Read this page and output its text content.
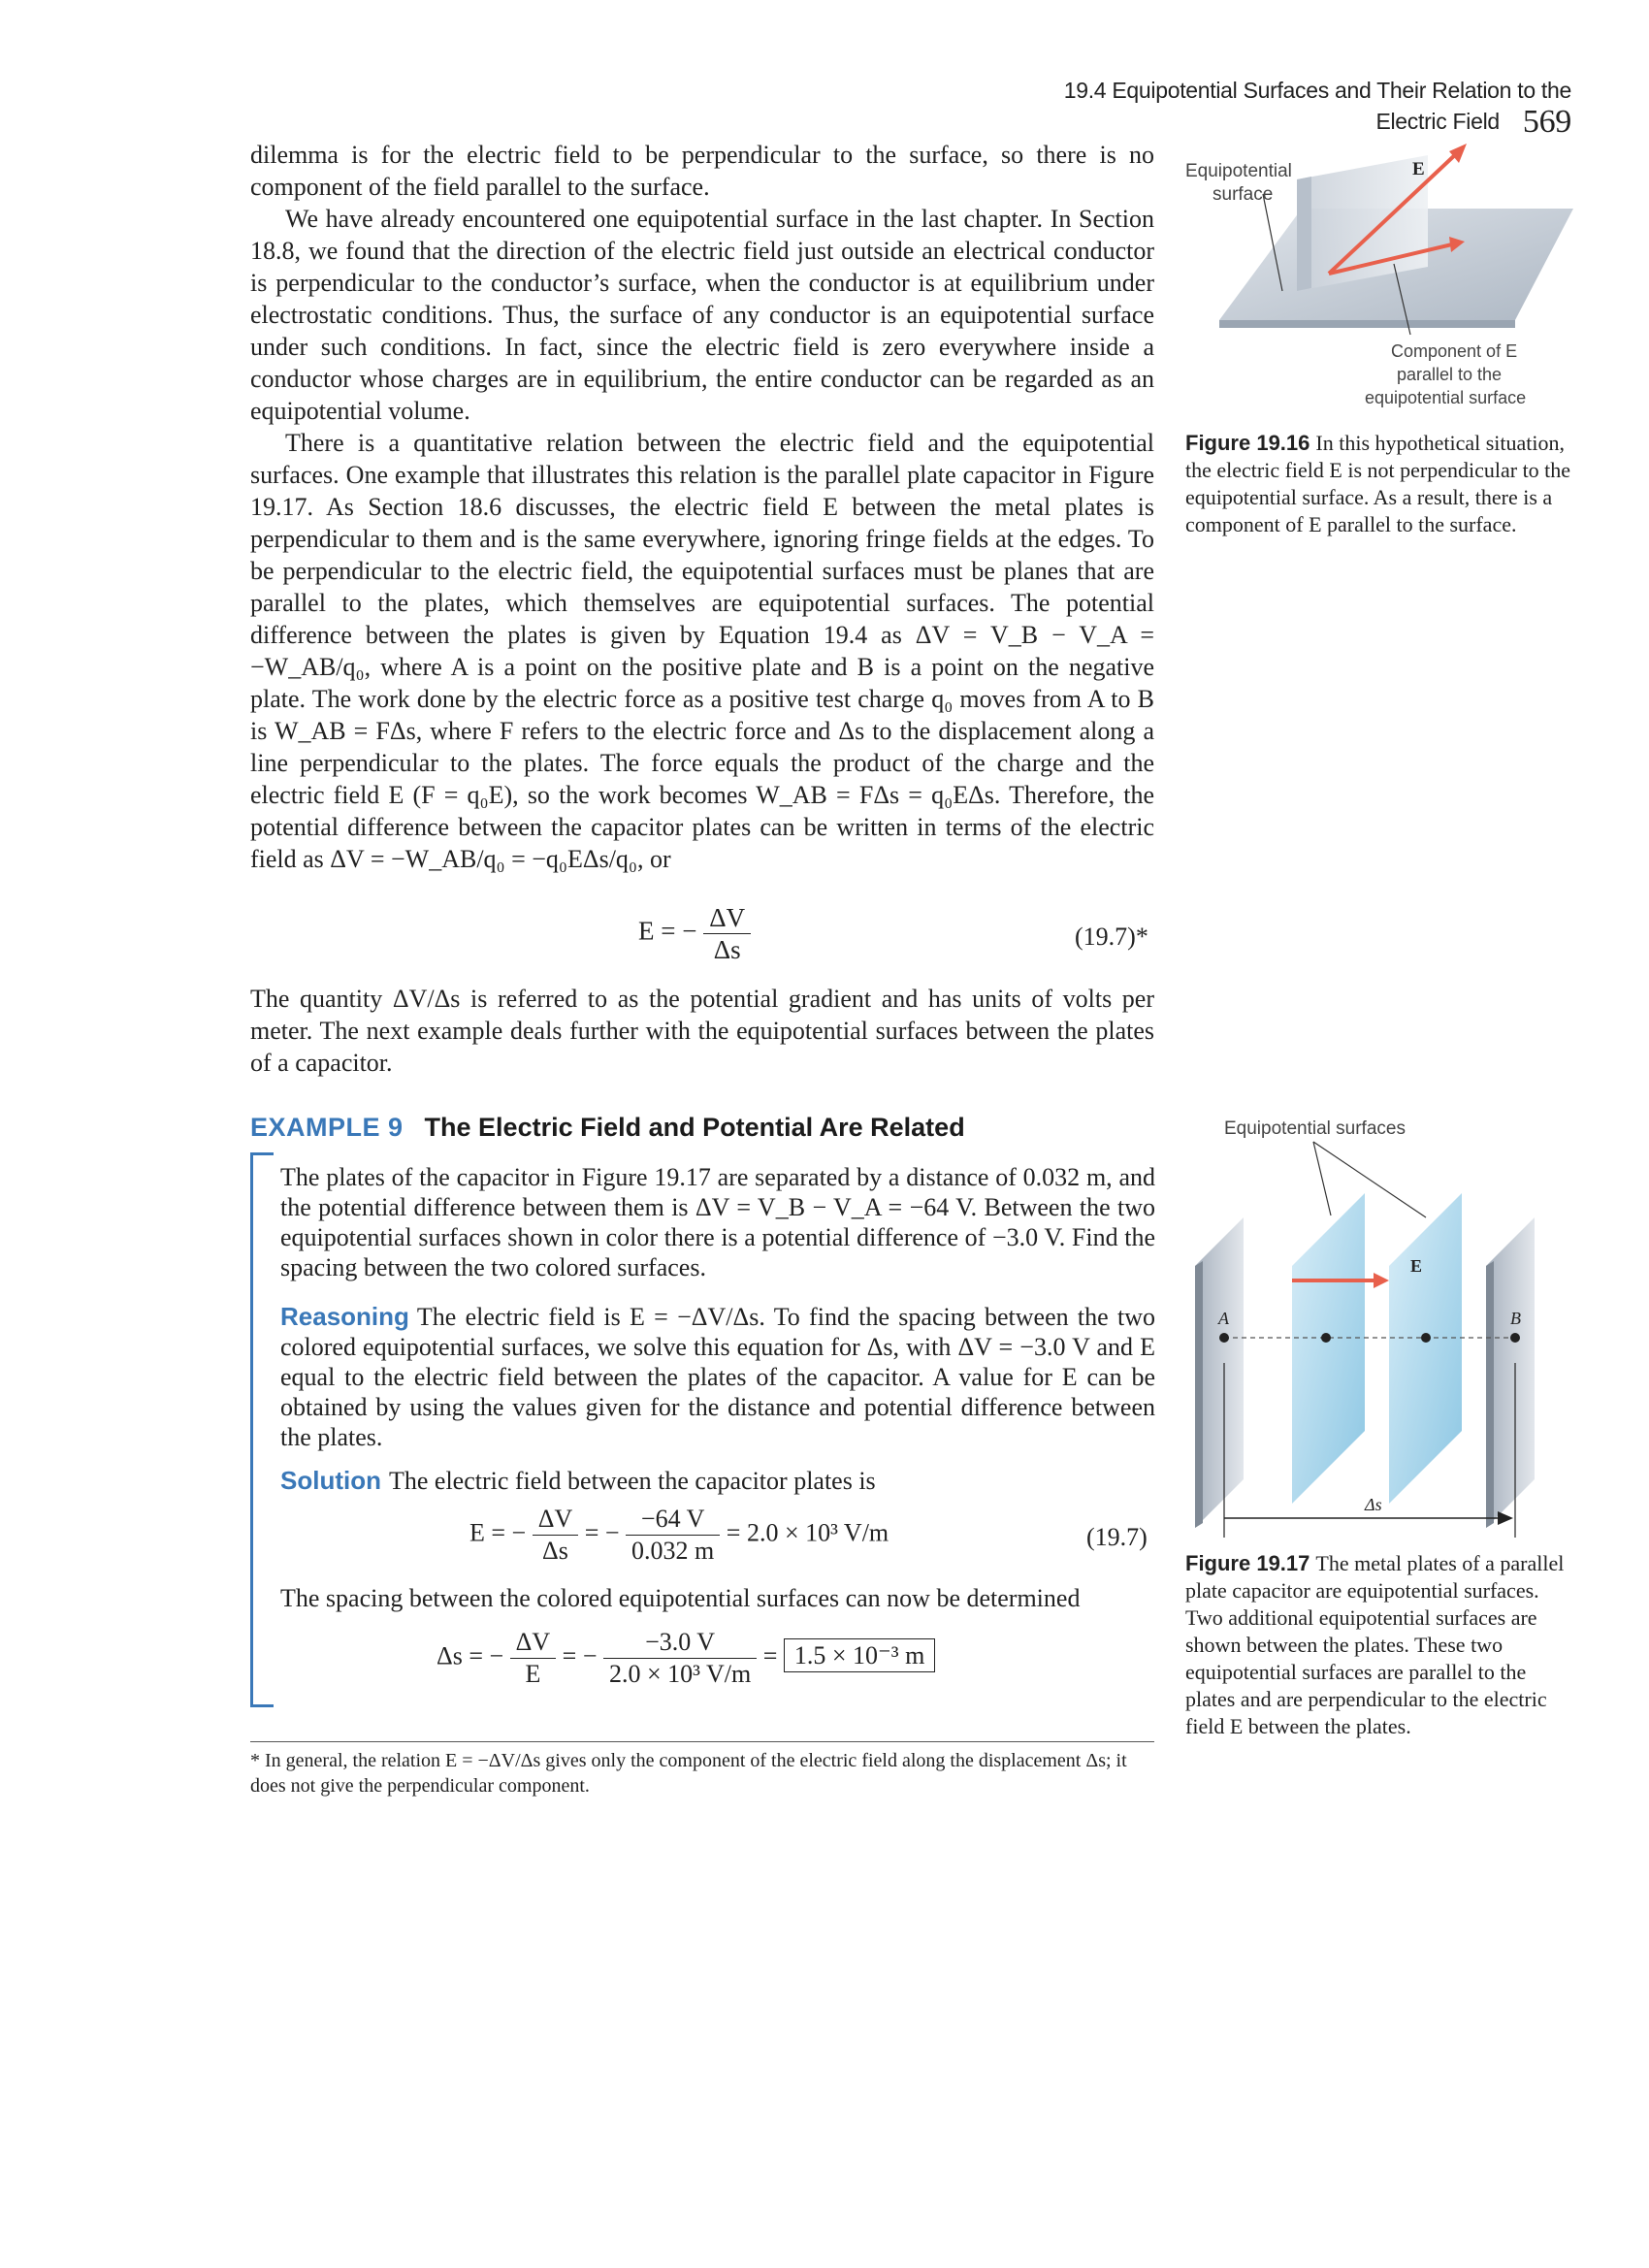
19.4 Equipotential Surfaces and Their Relation to the Electric Field 569

dilemma is for the electric field to be perpendicular to the surface, so there is no component of the field parallel to the surface.

We have already encountered one equipotential surface in the last chapter. In Section 18.8, we found that the direction of the electric field just outside an electrical conductor is perpendicular to the conductor’s surface, when the conductor is at equilibrium under electrostatic conditions. Thus, the surface of any conductor is an equipotential surface under such conditions. In fact, since the electric field is zero everywhere inside a conductor whose charges are in equilibrium, the entire conductor can be regarded as an equipotential volume.

There is a quantitative relation between the electric field and the equipotential surfaces. One example that illustrates this relation is the parallel plate capacitor in Figure 19.17. As Section 18.6 discusses, the electric field E between the metal plates is perpendicular to them and is the same everywhere, ignoring fringe fields at the edges. To be perpendicular to the electric field, the equipotential surfaces must be planes that are parallel to the plates, which themselves are equipotential surfaces. The potential difference between the plates is given by Equation 19.4 as ΔV = V_B − V_A = −W_AB/q₀, where A is a point on the positive plate and B is a point on the negative plate. The work done by the electric force as a positive test charge q₀ moves from A to B is W_AB = FΔs, where F refers to the electric force and Δs to the displacement along a line perpendicular to the plates. The force equals the product of the charge and the electric field E (F = q₀E), so the work becomes W_AB = FΔs = q₀EΔs. Therefore, the potential difference between the capacitor plates can be written in terms of the electric field as ΔV = −W_AB/q₀ = −q₀EΔs/q₀, or

E = − $\frac{\Delta V}{\Delta s}$	(19.7)*

The quantity ΔV/Δs is referred to as the potential gradient and has units of volts per meter. The next example deals further with the equipotential surfaces between the plates of a capacitor.

EXAMPLE 9 The Electric Field and Potential Are Related

The plates of the capacitor in Figure 19.17 are separated by a distance of 0.032 m, and the potential difference between them is ΔV = V_B − V_A = −64 V. Between the two equipotential surfaces shown in color there is a potential difference of −3.0 V. Find the spacing between the two colored surfaces.

Reasoning The electric field is E = −ΔV/Δs. To find the spacing between the two colored equipotential surfaces, we solve this equation for Δs, with ΔV = −3.0 V and E equal to the electric field between the plates of the capacitor. A value for E can be obtained by using the values given for the distance and potential difference between the plates.

Solution The electric field between the capacitor plates is

E = − $\frac{\Delta V}{\Delta s}$ = − $\frac{-64 V}{0.032 m} = 2.0 \times 10^3$ V/m	(19.7)

The spacing between the colored equipotential surfaces can now be determined

Δs = − $\frac{\Delta V}{E}$ = − $\frac{-3.0 V}{\text{2.0 × 10³ V/m}} = 1.5 \times 10^{-3}$ m
* In general, the relation E = −ΔV/Δs gives only the component of the electric field along the displacement Δs; it does not give the perpendicular component.
Equipotential
surface
E
Component of E
parallel to the
equipotential surface
Figure 19.16 In this hypothetical situation, the electric field E is not perpendicular to the equipotential surface. As a result, there is a component of E parallel to the surface.
Equipotential surfaces
E
A	B
Δs
Figure 19.17 The metal plates of a parallel plate capacitor are equipotential surfaces. Two additional equipotential surfaces are shown between the plates. These two equipotential surfaces are parallel to the plates and are perpendicular to the electric field E between the plates.
